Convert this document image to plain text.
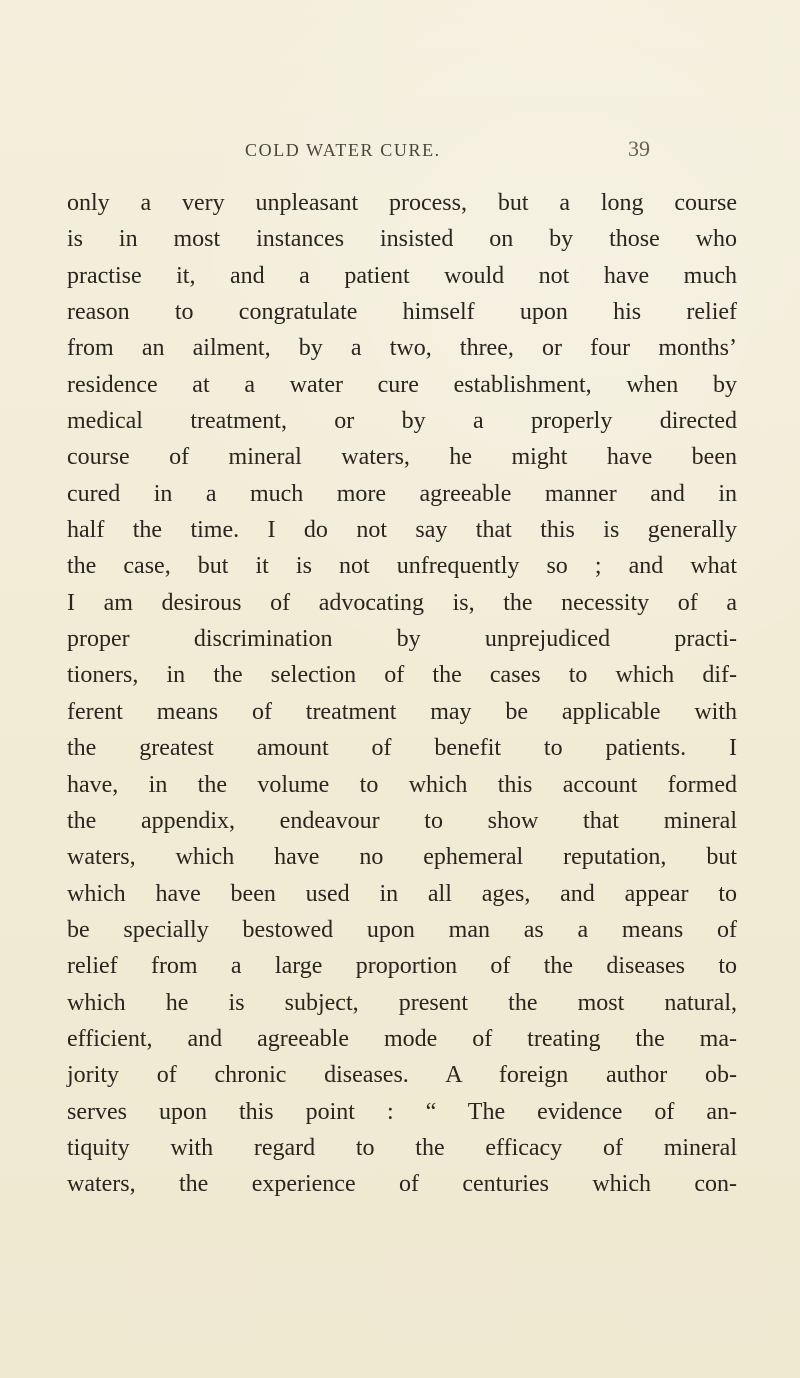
COLD WATER CURE.	39
only a very unpleasant process, but a long course
is in most instances insisted on by those who
practise it, and a patient would not have much
reason to congratulate himself upon his relief
from an ailment, by a two, three, or four months’
residence at a water cure establishment, when by
medical treatment, or by a properly directed
course of mineral waters, he might have been
cured in a much more agreeable manner and in
half the time. I do not say that this is generally
the case, but it is not unfrequently so ; and what
I am desirous of advocating is, the necessity of a
proper discrimination by unprejudiced practi-
tioners, in the selection of the cases to which dif-
ferent means of treatment may be applicable with
the greatest amount of benefit to patients. I
have, in the volume to which this account formed
the appendix, endeavour to show that mineral
waters, which have no ephemeral reputation, but
which have been used in all ages, and appear to
be specially bestowed upon man as a means of
relief from a large proportion of the diseases to
which he is subject, present the most natural,
efficient, and agreeable mode of treating the ma-
jority of chronic diseases. A foreign author ob-
serves upon this point : “ The evidence of an-
tiquity with regard to the efficacy of mineral
waters, the experience of centuries which con-
